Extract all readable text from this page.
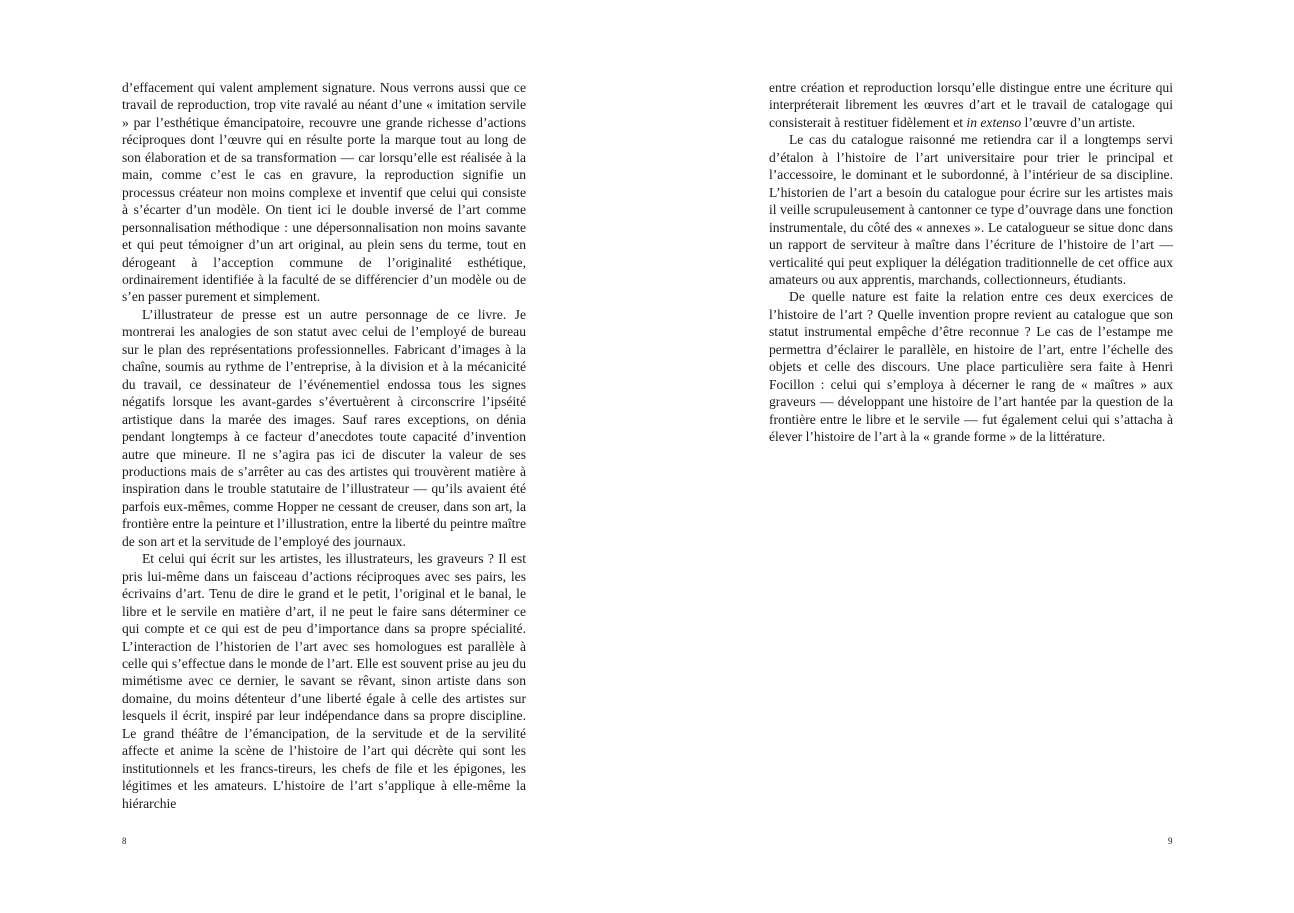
d’effacement qui valent amplement signature. Nous verrons aussi que ce travail de reproduction, trop vite ravalé au néant d’une « imitation servile » par l’esthétique émancipatoire, recouvre une grande richesse d’actions réciproques dont l’œuvre qui en résulte porte la marque tout au long de son élaboration et de sa transformation — car lorsqu’elle est réalisée à la main, comme c’est le cas en gravure, la reproduction signifie un processus créateur non moins complexe et inventif que celui qui consiste à s’écarter d’un modèle. On tient ici le double inversé de l’art comme personnalisation méthodique : une dépersonnalisation non moins savante et qui peut témoigner d’un art original, au plein sens du terme, tout en dérogeant à l’acception commune de l’originalité esthétique, ordinairement identifiée à la faculté de se différencier d’un modèle ou de s’en passer purement et simplement.

L’illustrateur de presse est un autre personnage de ce livre. Je montrerai les analogies de son statut avec celui de l’employé de bureau sur le plan des représentations professionnelles. Fabricant d’images à la chaîne, soumis au rythme de l’entreprise, à la division et à la mécanicité du travail, ce dessinateur de l’événementiel endossa tous les signes négatifs lorsque les avant-gardes s’évertuèrent à circonscrire l’ipséité artistique dans la marée des images. Sauf rares exceptions, on dénia pendant longtemps à ce facteur d’anecdotes toute capacité d’invention autre que mineure. Il ne s’agira pas ici de discuter la valeur de ses productions mais de s’arrêter au cas des artistes qui trouvèrent matière à inspiration dans le trouble statutaire de l’illustrateur — qu’ils avaient été parfois eux-mêmes, comme Hopper ne cessant de creuser, dans son art, la frontière entre la peinture et l’illustration, entre la liberté du peintre maître de son art et la servitude de l’employé des journaux.

Et celui qui écrit sur les artistes, les illustrateurs, les graveurs ? Il est pris lui-même dans un faisceau d’actions réciproques avec ses pairs, les écrivains d’art. Tenu de dire le grand et le petit, l’original et le banal, le libre et le servile en matière d’art, il ne peut le faire sans déterminer ce qui compte et ce qui est de peu d’importance dans sa propre spécialité. L’interaction de l’historien de l’art avec ses homologues est parallèle à celle qui s’effectue dans le monde de l’art. Elle est souvent prise au jeu du mimétisme avec ce dernier, le savant se rêvant, sinon artiste dans son domaine, du moins détenteur d’une liberté égale à celle des artistes sur lesquels il écrit, inspiré par leur indépendance dans sa propre discipline. Le grand théâtre de l’émancipation, de la servitude et de la servilité affecte et anime la scène de l’histoire de l’art qui décrète qui sont les institutionnels et les francs-tireurs, les chefs de file et les épigones, les légitimes et les amateurs. L’histoire de l’art s’applique à elle-même la hiérarchie

8

entre création et reproduction lorsqu’elle distingue entre une écriture qui interpréterait librement les œuvres d’art et le travail de catalogage qui consisterait à restituer fidèlement et in extenso l’œuvre d’un artiste.

Le cas du catalogue raisonné me retiendra car il a longtemps servi d’étalon à l’histoire de l’art universitaire pour trier le principal et l’accessoire, le dominant et le subordonné, à l’intérieur de sa discipline. L’historien de l’art a besoin du catalogue pour écrire sur les artistes mais il veille scrupuleusement à cantonner ce type d’ouvrage dans une fonction instrumentale, du côté des « annexes ». Le catalogueur se situe donc dans un rapport de serviteur à maître dans l’écriture de l’histoire de l’art — verticalité qui peut expliquer la délégation traditionnelle de cet office aux amateurs ou aux apprentis, marchands, collectionneurs, étudiants.

De quelle nature est faite la relation entre ces deux exercices de l’histoire de l’art ? Quelle invention propre revient au catalogue que son statut instrumental empêche d’être reconnue ? Le cas de l’estampe me permettra d’éclairer le parallèle, en histoire de l’art, entre l’échelle des objets et celle des discours. Une place particulière sera faite à Henri Focillon : celui qui s’employa à décerner le rang de « maîtres » aux graveurs — développant une histoire de l’art hantée par la question de la frontière entre le libre et le servile — fut également celui qui s’attacha à élever l’histoire de l’art à la « grande forme » de la littérature.

9
